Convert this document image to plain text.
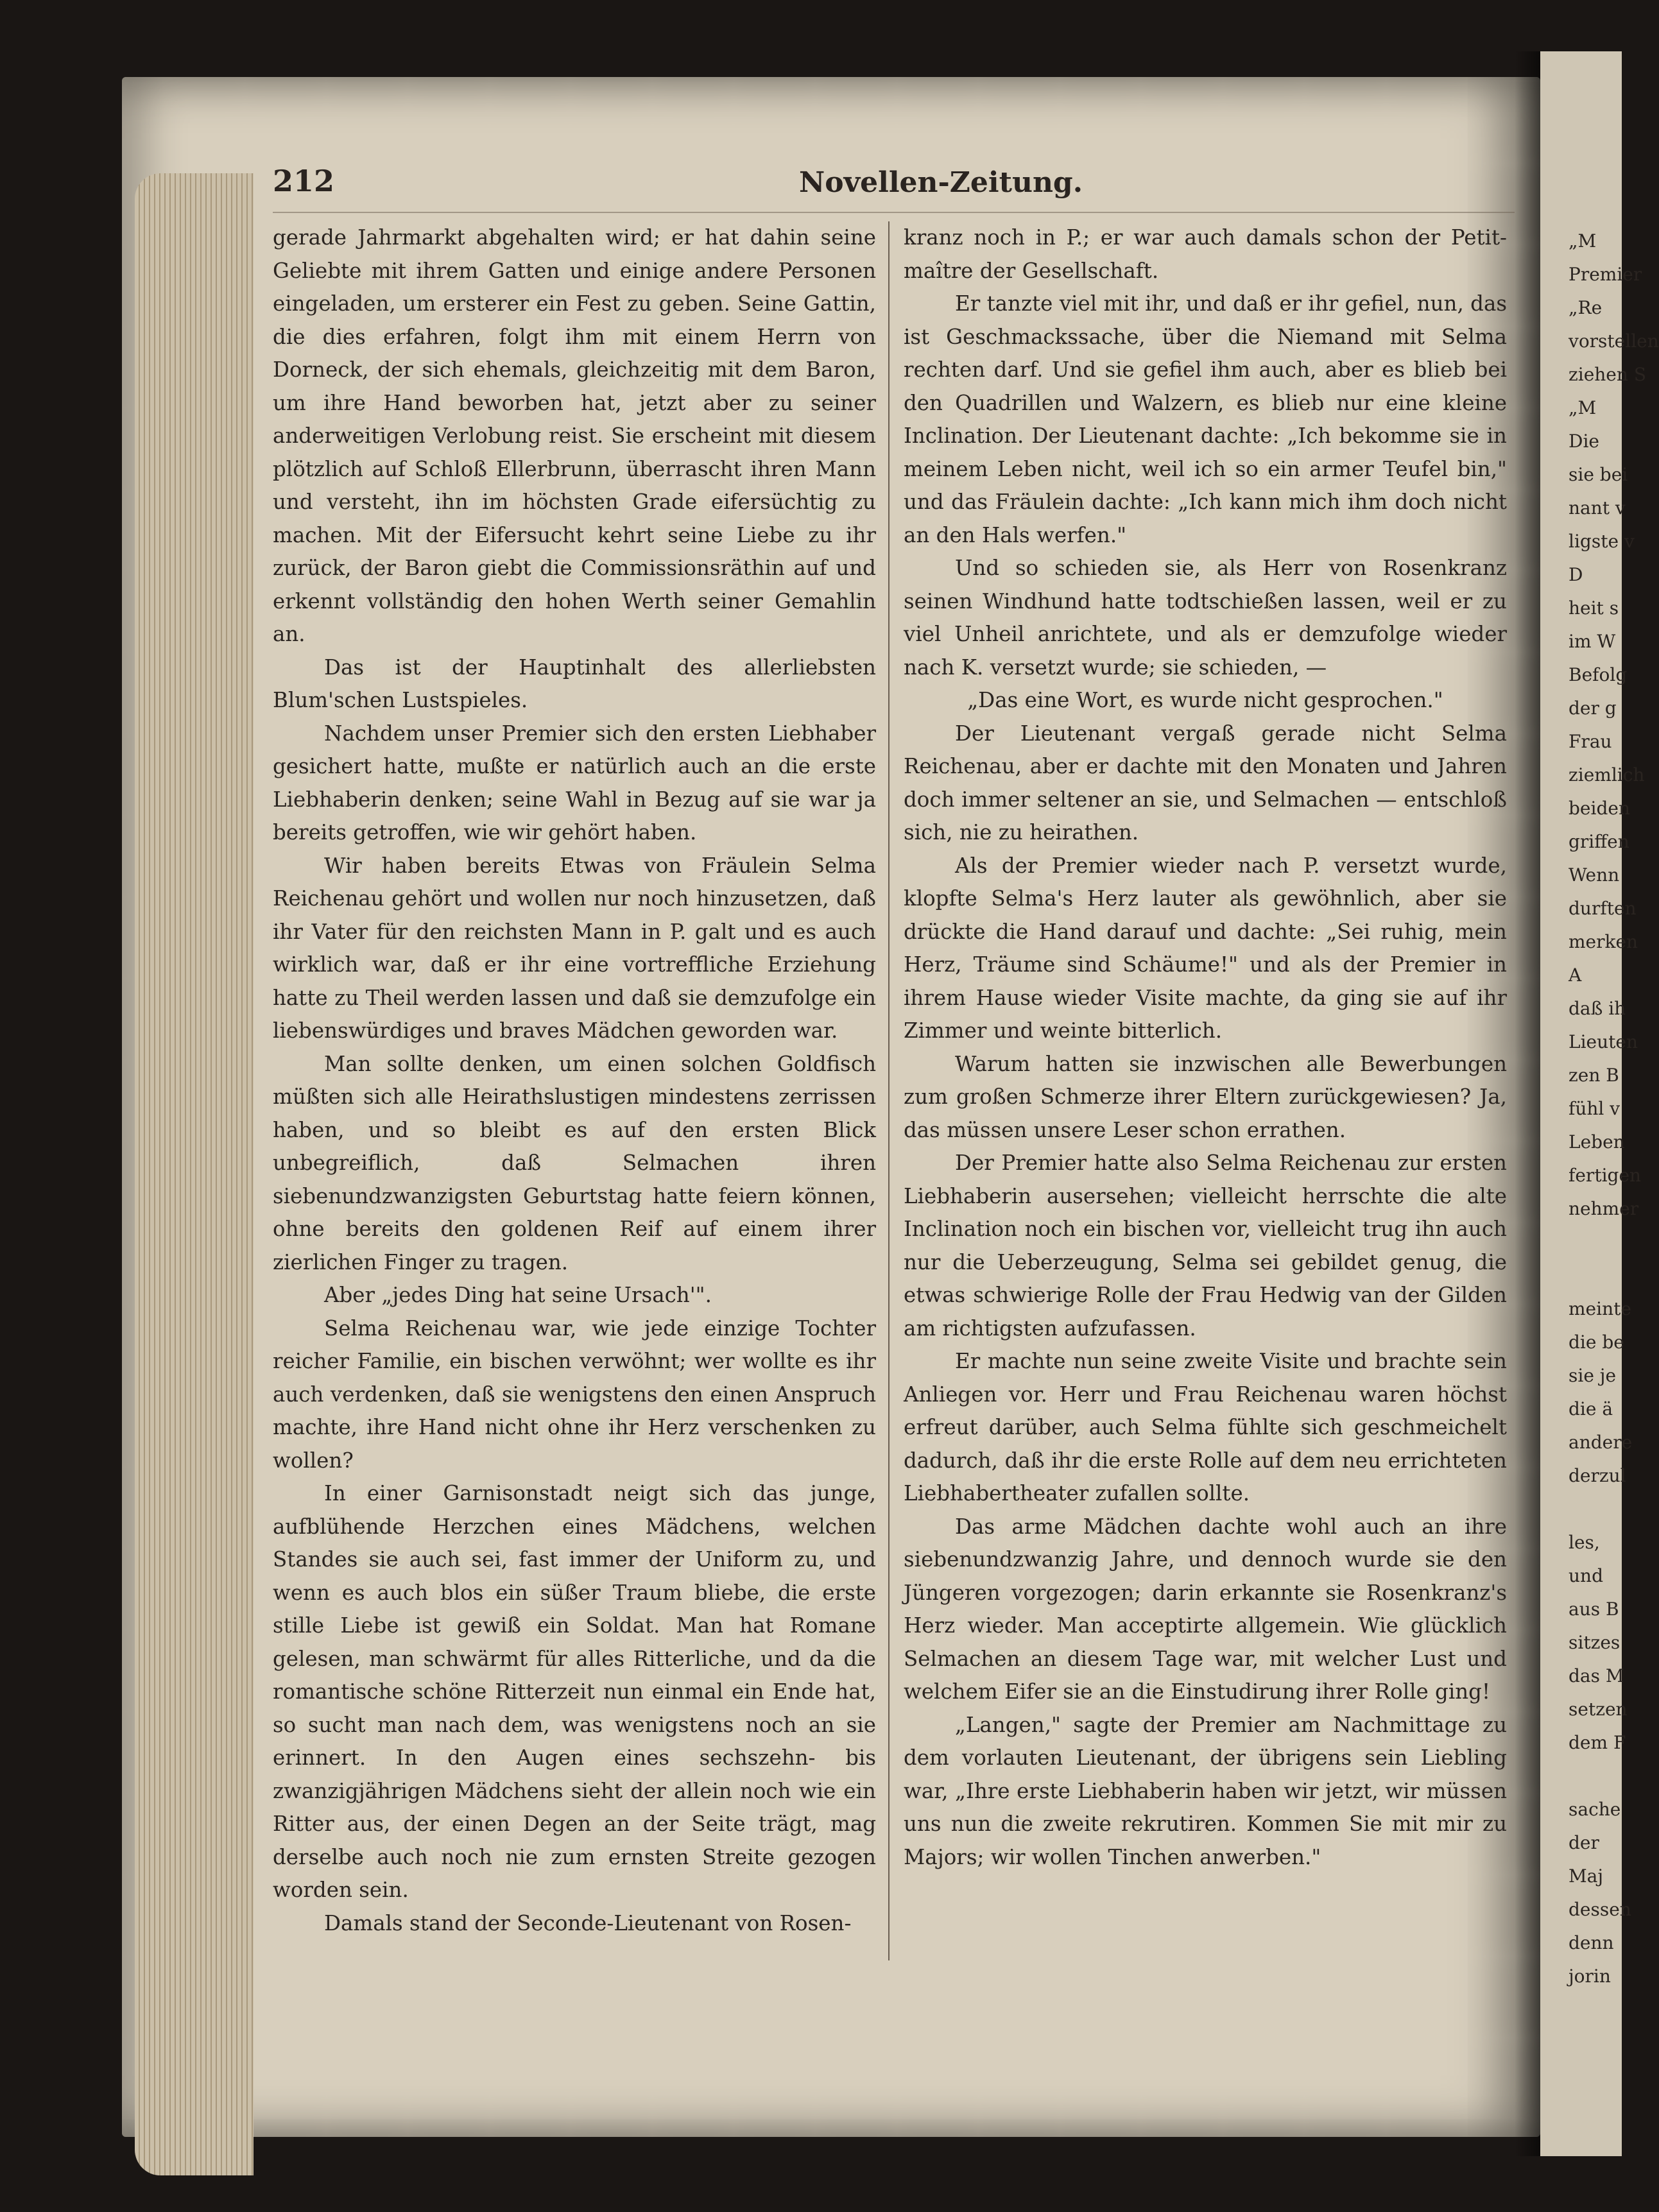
„M
Premier
„Re
vorstellen
ziehen S
„M
Die
sie bei
nant v
ligste v
D
heit s
im W
Befolg
der g
Frau
ziemlich
beiden
griffen
Wenn
durften
merken
A
daß ih
Lieuten
zen B
fühl v
Leben
fertigen
nehmer

meinte
die be
sie je
die ä
andere
derzul

les,
und
aus B
sitzes
das M
setzen
dem F

sache
der
Maj
dessen
denn
jorin
212	Novellen-Zeitung.

gerade Jahrmarkt abgehalten wird; er hat dahin seine Geliebte mit ihrem Gatten und einige andere Personen eingeladen, um ersterer ein Fest zu geben. Seine Gattin, die dies erfahren, folgt ihm mit einem Herrn von Dorneck, der sich ehemals, gleichzeitig mit dem Baron, um ihre Hand beworben hat, jetzt aber zu seiner anderweitigen Verlobung reist. Sie erscheint mit diesem plötzlich auf Schloß Ellerbrunn, überrascht ihren Mann und versteht, ihn im höchsten Grade eifersüchtig zu machen. Mit der Eifersucht kehrt seine Liebe zu ihr zurück, der Baron giebt die Commissionsräthin auf und erkennt vollständig den hohen Werth seiner Gemahlin an.

Das ist der Hauptinhalt des allerliebsten Blum'schen Lustspieles.

Nachdem unser Premier sich den ersten Liebhaber gesichert hatte, mußte er natürlich auch an die erste Liebhaberin denken; seine Wahl in Bezug auf sie war ja bereits getroffen, wie wir gehört haben.

Wir haben bereits Etwas von Fräulein Selma Reichenau gehört und wollen nur noch hinzusetzen, daß ihr Vater für den reichsten Mann in P. galt und es auch wirklich war, daß er ihr eine vortreffliche Erziehung hatte zu Theil werden lassen und daß sie demzufolge ein liebenswürdiges und braves Mädchen geworden war.

Man sollte denken, um einen solchen Goldfisch müßten sich alle Heirathslustigen mindestens zerrissen haben, und so bleibt es auf den ersten Blick unbegreiflich, daß Selmachen ihren siebenundzwanzigsten Geburtstag hatte feiern können, ohne bereits den goldenen Reif auf einem ihrer zierlichen Finger zu tragen.

Aber „jedes Ding hat seine Ursach'".

Selma Reichenau war, wie jede einzige Tochter reicher Familie, ein bischen verwöhnt; wer wollte es ihr auch verdenken, daß sie wenigstens den einen Anspruch machte, ihre Hand nicht ohne ihr Herz verschenken zu wollen?

In einer Garnisonstadt neigt sich das junge, aufblühende Herzchen eines Mädchens, welchen Standes sie auch sei, fast immer der Uniform zu, und wenn es auch blos ein süßer Traum bliebe, die erste stille Liebe ist gewiß ein Soldat. Man hat Romane gelesen, man schwärmt für alles Ritterliche, und da die romantische schöne Ritterzeit nun einmal ein Ende hat, so sucht man nach dem, was wenigstens noch an sie erinnert. In den Augen eines sechszehn- bis zwanzigjährigen Mädchens sieht der allein noch wie ein Ritter aus, der einen Degen an der Seite trägt, mag derselbe auch noch nie zum ernsten Streite gezogen worden sein.

Damals stand der Seconde-Lieutenant von Rosen-

kranz noch in P.; er war auch damals schon der Petit-maître der Gesellschaft.

Er tanzte viel mit ihr, und daß er ihr gefiel, nun, das ist Geschmackssache, über die Niemand mit Selma rechten darf. Und sie gefiel ihm auch, aber es blieb bei den Quadrillen und Walzern, es blieb nur eine kleine Inclination. Der Lieutenant dachte: „Ich bekomme sie in meinem Leben nicht, weil ich so ein armer Teufel bin," und das Fräulein dachte: „Ich kann mich ihm doch nicht an den Hals werfen."

Und so schieden sie, als Herr von Rosenkranz seinen Windhund hatte todtschießen lassen, weil er zu viel Unheil anrichtete, und als er demzufolge wieder nach K. versetzt wurde; sie schieden, —

„Das eine Wort, es wurde nicht gesprochen."

Der Lieutenant vergaß gerade nicht Selma Reichenau, aber er dachte mit den Monaten und Jahren doch immer seltener an sie, und Selmachen — entschloß sich, nie zu heirathen.

Als der Premier wieder nach P. versetzt wurde, klopfte Selma's Herz lauter als gewöhnlich, aber sie drückte die Hand darauf und dachte: „Sei ruhig, mein Herz, Träume sind Schäume!" und als der Premier in ihrem Hause wieder Visite machte, da ging sie auf ihr Zimmer und weinte bitterlich.

Warum hatten sie inzwischen alle Bewerbungen zum großen Schmerze ihrer Eltern zurückgewiesen? Ja, das müssen unsere Leser schon errathen.

Der Premier hatte also Selma Reichenau zur ersten Liebhaberin ausersehen; vielleicht herrschte die alte Inclination noch ein bischen vor, vielleicht trug ihn auch nur die Ueberzeugung, Selma sei gebildet genug, die etwas schwierige Rolle der Frau Hedwig van der Gilden am richtigsten aufzufassen.

Er machte nun seine zweite Visite und brachte sein Anliegen vor. Herr und Frau Reichenau waren höchst erfreut darüber, auch Selma fühlte sich geschmeichelt dadurch, daß ihr die erste Rolle auf dem neu errichteten Liebhabertheater zufallen sollte.

Das arme Mädchen dachte wohl auch an ihre siebenundzwanzig Jahre, und dennoch wurde sie den Jüngeren vorgezogen; darin erkannte sie Rosenkranz's Herz wieder. Man acceptirte allgemein. Wie glücklich Selmachen an diesem Tage war, mit welcher Lust und welchem Eifer sie an die Einstudirung ihrer Rolle ging!

„Langen," sagte der Premier am Nachmittage zu dem vorlauten Lieutenant, der übrigens sein Liebling war, „Ihre erste Liebhaberin haben wir jetzt, wir müssen uns nun die zweite rekrutiren. Kommen Sie mit mir zu Majors; wir wollen Tinchen anwerben."
